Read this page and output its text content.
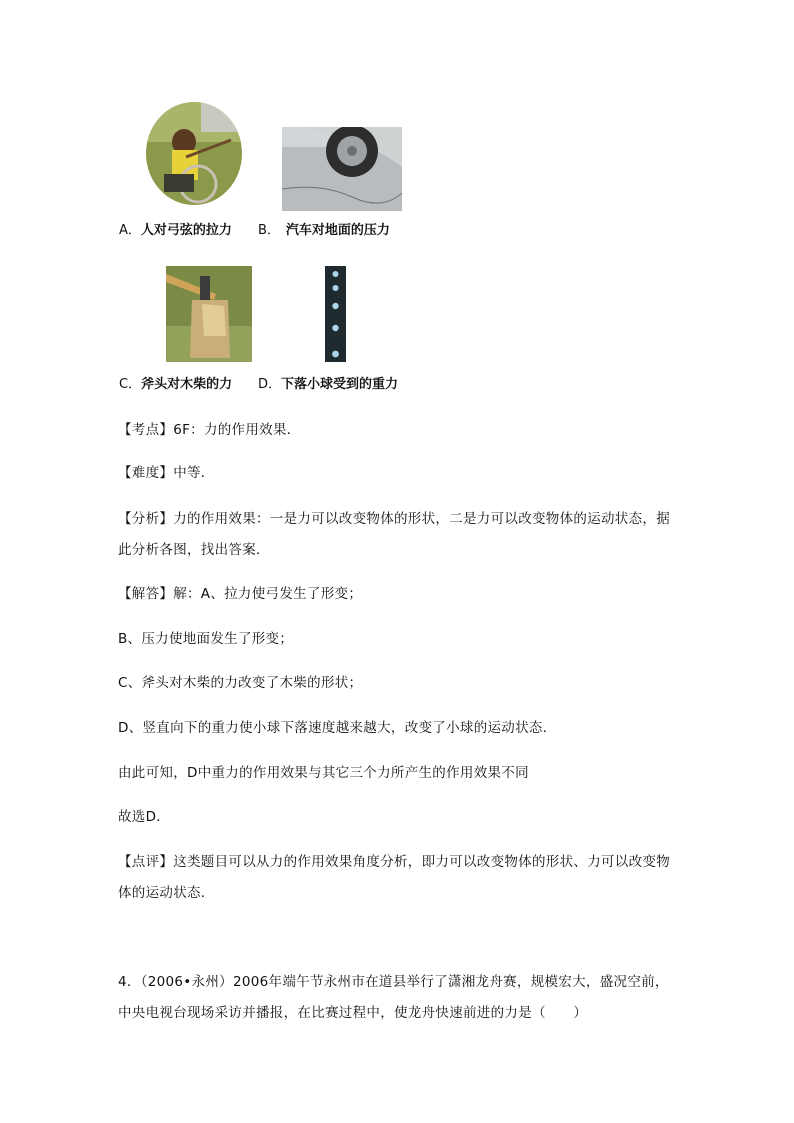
A．人对弓弦的拉力 B． 汽车对地面的压力
C．斧头对木柴的力 D．下落小球受到的重力
【考点】6F：力的作用效果．
【难度】中等．
【分析】力的作用效果：一是力可以改变物体的形状，二是力可以改变物体的运动状态，据此分析各图，找出答案．
【解答】解：A、拉力使弓发生了形变；
B、压力使地面发生了形变；
C、斧头对木柴的力改变了木柴的形状；
D、竖直向下的重力使小球下落速度越来越大，改变了小球的运动状态．
由此可知，D中重力的作用效果与其它三个力所产生的作用效果不同
故选D．
【点评】这类题目可以从力的作用效果角度分析，即力可以改变物体的形状、力可以改变物体的运动状态．
4．（2006•永州）2006年端午节永州市在道县举行了潇湘龙舟赛，规模宏大，盛况空前，中央电视台现场采访并播报，在比赛过程中，使龙舟快速前进的力是（　　）
